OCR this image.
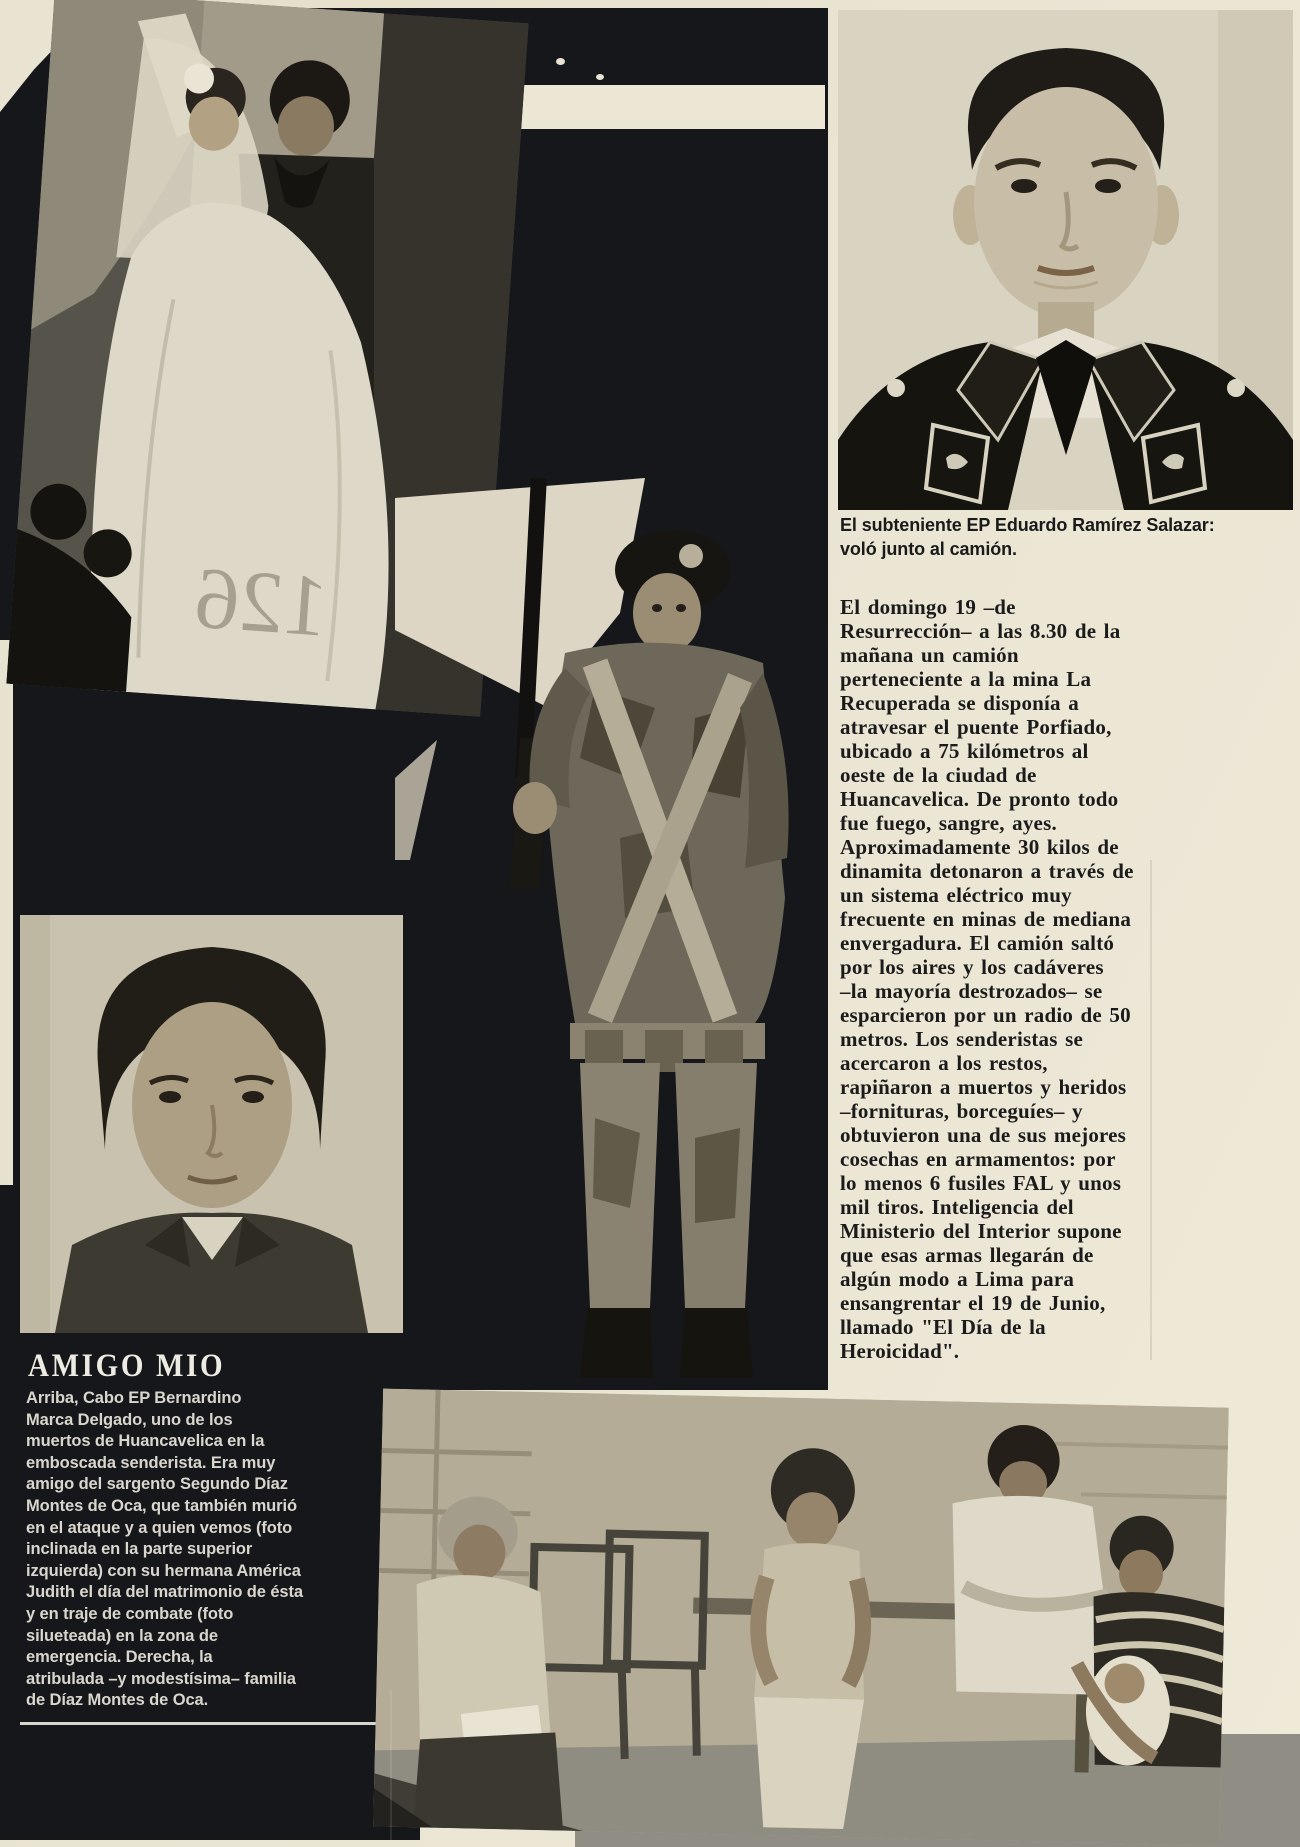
126
AMIGO MIO
Arriba, Cabo EP Bernardino
Marca Delgado, uno de los
muertos de Huancavelica en la
emboscada senderista. Era muy
amigo del sargento Segundo Díaz
Montes de Oca, que también murió
en el ataque y a quien vemos (foto
inclinada en la parte superior
izquierda) con su hermana América
Judith el día del matrimonio de ésta
y en traje de combate (foto
silueteada) en la zona de
emergencia. Derecha, la
atribulada –y modestísima– familia
de Díaz Montes de Oca.
El subteniente EP Eduardo Ramírez Salazar:
voló junto al camión.
El domingo 19 –de
Resurrección– a las 8.30 de la
mañana un camión
perteneciente a la mina La
Recuperada se disponía a
atravesar el puente Porfiado,
ubicado a 75 kilómetros al
oeste de la ciudad de
Huancavelica. De pronto todo
fue fuego, sangre, ayes.
Aproximadamente 30 kilos de
dinamita detonaron a través de
un sistema eléctrico muy
frecuente en minas de mediana
envergadura. El camión saltó
por los aires y los cadáveres
–la mayoría destrozados– se
esparcieron por un radio de 50
metros. Los senderistas se
acercaron a los restos,
rapiñaron a muertos y heridos
–fornituras, borceguíes– y
obtuvieron una de sus mejores
cosechas en armamentos: por
lo menos 6 fusiles FAL y unos
mil tiros. Inteligencia del
Ministerio del Interior supone
que esas armas llegarán de
algún modo a Lima para
ensangrentar el 19 de Junio,
llamado "El Día de la
Heroicidad".
